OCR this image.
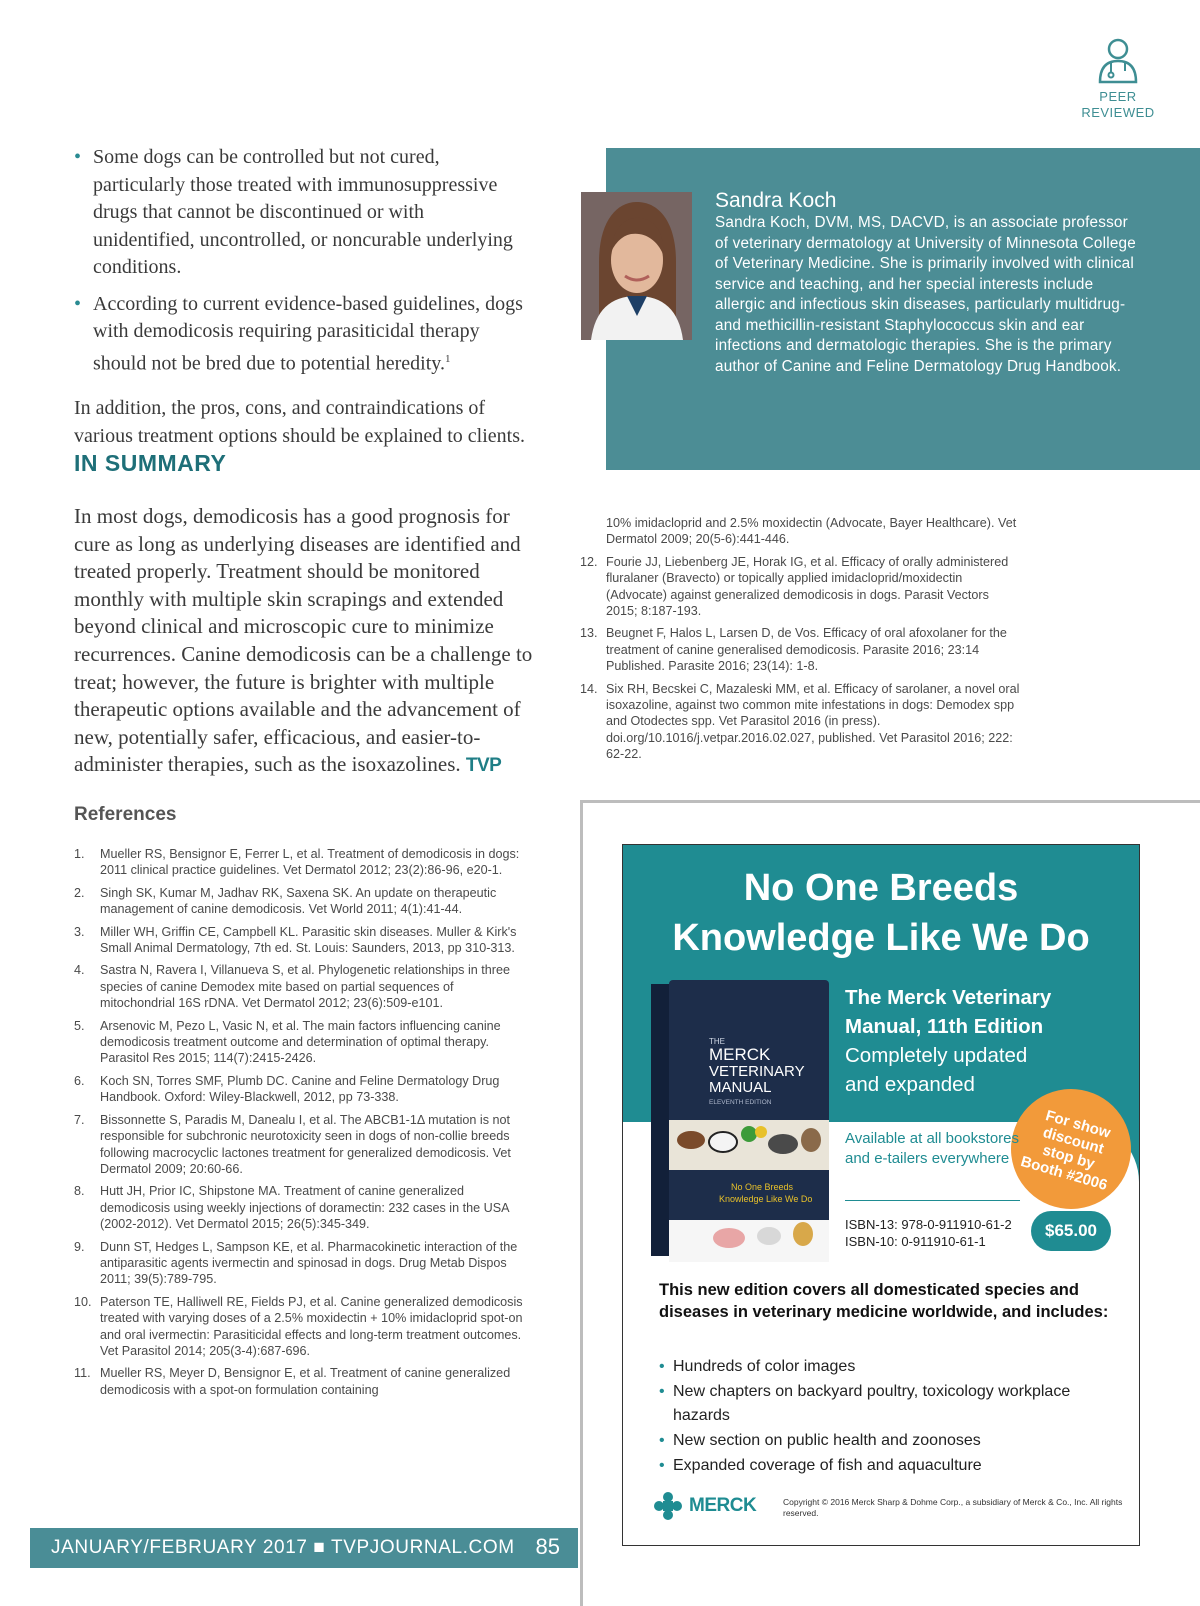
PEER
REVIEWED
• Some dogs can be controlled but not cured, particularly those treated with immunosuppressive drugs that cannot be discontinued or with unidentified, uncontrolled, or noncurable underlying conditions.
• According to current evidence-based guidelines, dogs with demodicosis requiring parasiticidal therapy should not be bred due to potential heredity.$^1$

In addition, the pros, cons, and contraindications of various treatment options should be explained to clients.

IN SUMMARY
In most dogs, demodicosis has a good prognosis for cure as long as underlying diseases are identified and treated properly. Treatment should be monitored monthly with multiple skin scrapings and extended beyond clinical and microscopic cure to minimize recurrences. Canine demodicosis can be a challenge to treat; however, the future is brighter with multiple therapeutic options available and the advancement of new, potentially safer, efficacious, and easier-to-administer therapies, such as the isoxazolines. TVP
References
1. Mueller RS, Bensignor E, Ferrer L, et al. Treatment of demodicosis in dogs: 2011 clinical practice guidelines. Vet Dermatol 2012; 23(2):86-96, e20-1.
2. Singh SK, Kumar M, Jadhav RK, Saxena SK. An update on therapeutic management of canine demodicosis. Vet World 2011; 4(1):41-44.
3. Miller WH, Griffin CE, Campbell KL. Parasitic skin diseases. Muller & Kirk's Small Animal Dermatology, 7th ed. St. Louis: Saunders, 2013, pp 310-313.
4. Sastra N, Ravera I, Villanueva S, et al. Phylogenetic relationships in three species of canine Demodex mite based on partial sequences of mitochondrial 16S rDNA. Vet Dermatol 2012; 23(6):509-e101.
5. Arsenovic M, Pezo L, Vasic N, et al. The main factors influencing canine demodicosis treatment outcome and determination of optimal therapy. Parasitol Res 2015; 114(7):2415-2426.
6. Koch SN, Torres SMF, Plumb DC. Canine and Feline Dermatology Drug Handbook. Oxford: Wiley-Blackwell, 2012, pp 73-338.
7. Bissonnette S, Paradis M, Danealu I, et al. The ABCB1-1Δ mutation is not responsible for subchronic neurotoxicity seen in dogs of non-collie breeds following macrocyclic lactones treatment for generalized demodicosis. Vet Dermatol 2009; 20:60-66.
8. Hutt JH, Prior IC, Shipstone MA. Treatment of canine generalized demodicosis using weekly injections of doramectin: 232 cases in the USA (2002-2012). Vet Dermatol 2015; 26(5):345-349.
9. Dunn ST, Hedges L, Sampson KE, et al. Pharmacokinetic interaction of the antiparasitic agents ivermectin and spinosad in dogs. Drug Metab Dispos 2011; 39(5):789-795.
10. Paterson TE, Halliwell RE, Fields PJ, et al. Canine generalized demodicosis treated with varying doses of a 2.5% moxidectin + 10% imidacloprid spot-on and oral ivermectin: Parasiticidal effects and long-term treatment outcomes. Vet Parasitol 2014; 205(3-4):687-696.
11. Mueller RS, Meyer D, Bensignor E, et al. Treatment of canine generalized demodicosis with a spot-on formulation containing
10% imidacloprid and 2.5% moxidectin (Advocate, Bayer Healthcare). Vet Dermatol 2009; 20(5-6):441-446.
12. Fourie JJ, Liebenberg JE, Horak IG, et al. Efficacy of orally administered fluralaner (Bravecto) or topically applied imidacloprid/moxidectin (Advocate) against generalized demodicosis in dogs. Parasit Vectors 2015; 8:187-193.
13. Beugnet F, Halos L, Larsen D, de Vos. Efficacy of oral afoxolaner for the treatment of canine generalised demodicosis. Parasite 2016; 23:14 Published. Parasite 2016; 23(14): 1-8.
14. Six RH, Becskei C, Mazaleski MM, et al. Efficacy of sarolaner, a novel oral isoxazoline, against two common mite infestations in dogs: Demodex spp and Otodectes spp. Vet Parasitol 2016 (in press). doi.org/10.1016/j.vetpar.2016.02.027, published. Vet Parasitol 2016; 222: 62-22.
JANUARY/FEBRUARY 2017 ■ TVPJOURNAL.COM 85
Sandra Koch
Sandra Koch, DVM, MS, DACVD, is an associate professor of veterinary dermatology at University of Minnesota College of Veterinary Medicine. She is primarily involved with clinical service and teaching, and her special interests include allergic and infectious skin diseases, particularly multidrug- and methicillin-resistant Staphylococcus skin and ear infections and dermatologic therapies. She is the primary author of Canine and Feline Dermatology Drug Handbook.
No One Breeds
Knowledge Like We Do
THE
MERCK
VETERINARY
MANUAL
ELEVENTH EDITION
No One Breeds
Knowledge Like We Do
The Merck Veterinary
Manual, 11th Edition
Completely updated
and expanded
For show discount stop by Booth #2006
Available at all bookstores and e-tailers everywhere
ISBN-13: 978-0-911910-61-2
ISBN-10: 0-911910-61-1
$65.00
This new edition covers all domesticated species and diseases in veterinary medicine worldwide, and includes:
• Hundreds of color images
• New chapters on backyard poultry, toxicology workplace hazards
• New section on public health and zoonoses
• Expanded coverage of fish and aquaculture
MERCK	Copyright © 2016 Merck Sharp & Dohme Corp., a subsidiary of Merck & Co., Inc. All rights reserved.
